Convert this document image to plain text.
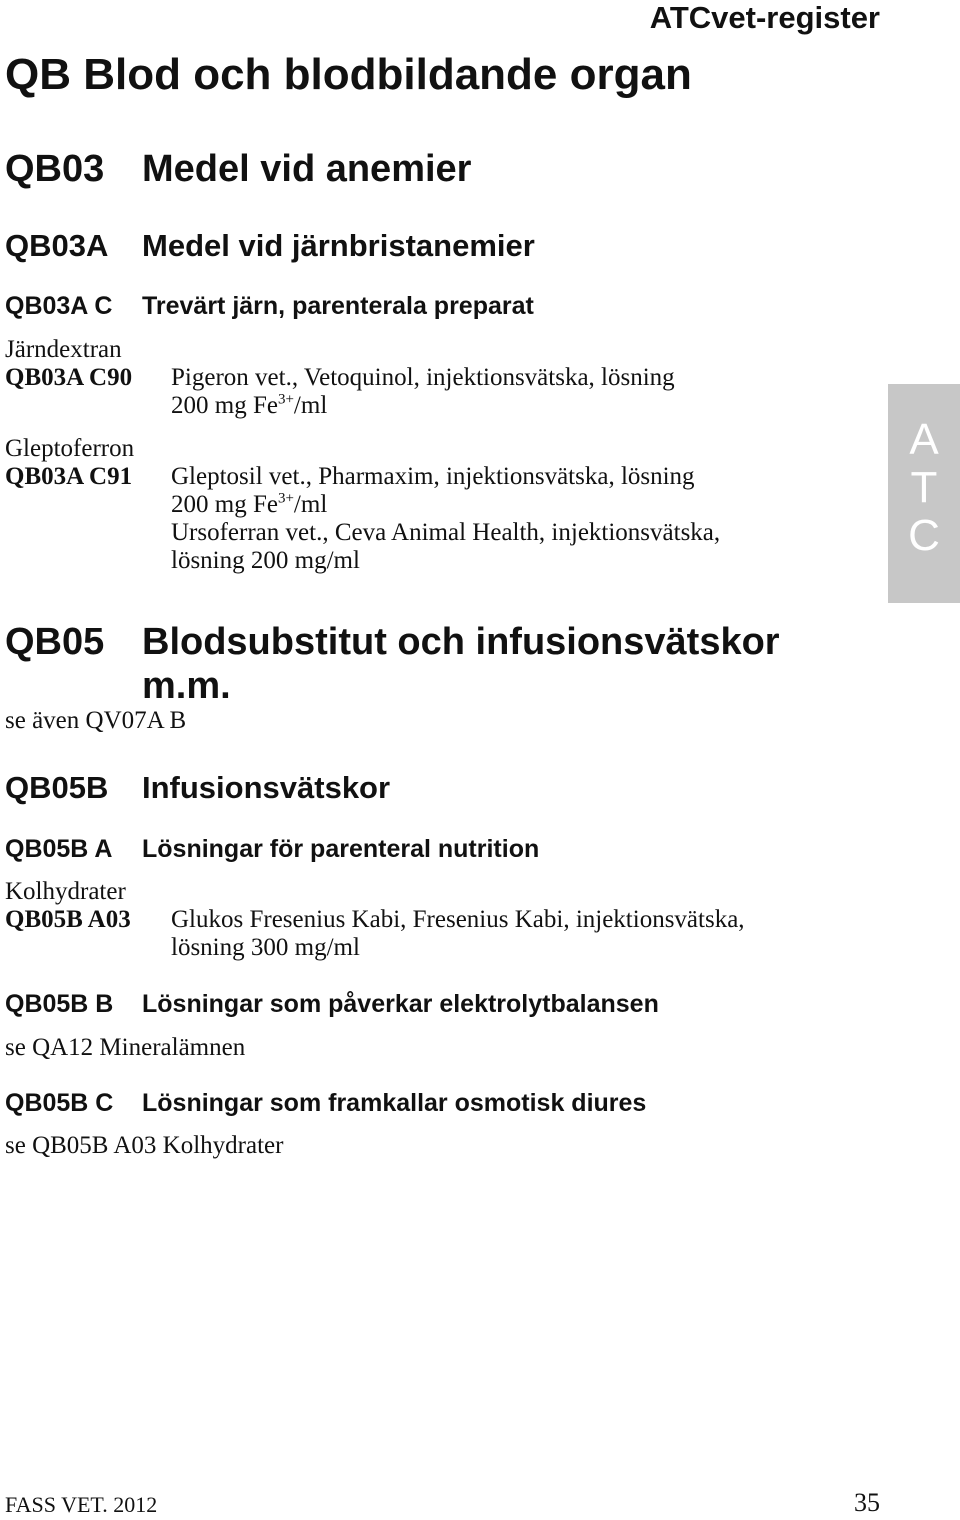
ATCvet-register
QB Blod och blodbildande organ
QB03 Medel vid anemier
QB03A Medel vid järnbristanemier
QB03A C Trevärt järn, parenterala preparat
Järndextran
QB03A C90 Pigeron vet., Vetoquinol, injektionsvätska, lösning
200 mg $Fe^{3+}/ml$
Gleptoferron
QB03A C91 Gleptosil vet., Pharmaxim, injektionsvätska, lösning
200 mg $Fe^{3+}/ml$
Ursoferran vet., Ceva Animal Health, injektionsvätska,
lösning 200 mg/ml
A
T
C
QB05 Blodsubstitut och infusionsvätskor
m.m.
se även QV07A B
QB05B Infusionsvätskor
QB05B A Lösningar för parenteral nutrition
Kolhydrater
QB05B A03 Glukos Fresenius Kabi, Fresenius Kabi, injektionsvätska,
lösning 300 mg/ml
QB05B B Lösningar som påverkar elektrolytbalansen
se QA12 Mineralämnen
QB05B C Lösningar som framkallar osmotisk diures
se QB05B A03 Kolhydrater
FASS VET. 2012	35
